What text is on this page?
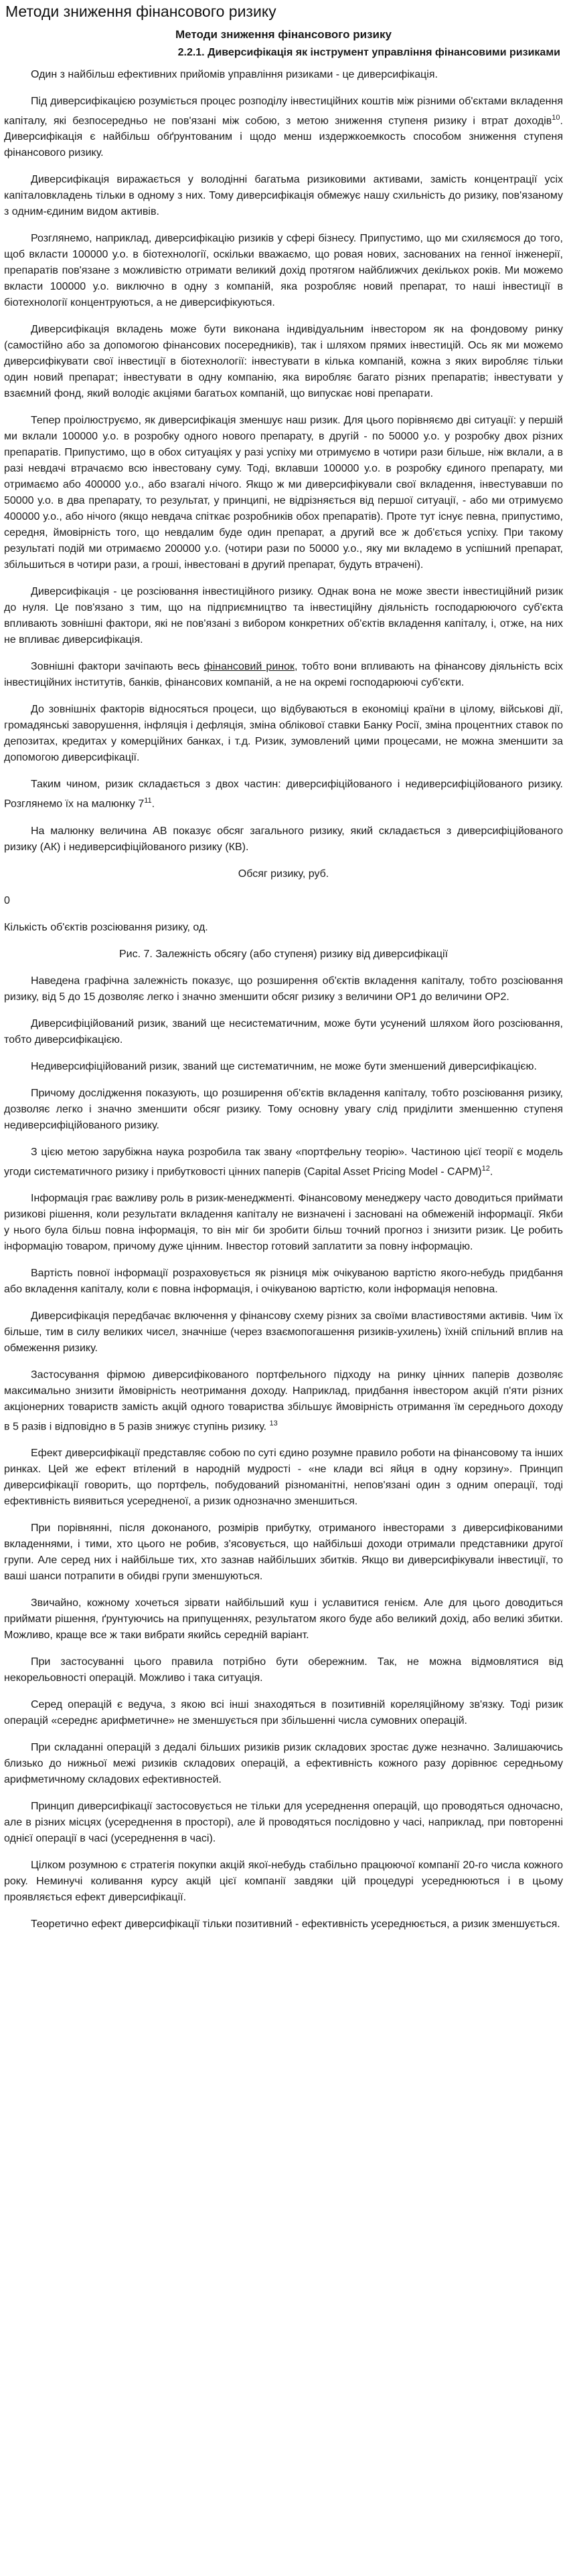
Методи зниження фінансового ризику
Методи зниження фінансового ризику
2.2.1. Диверсифікація як інструмент управління фінансовими ризиками

Один з найбільш ефективних прийомів управління ризиками - це диверсифікація.

Під диверсифікацією розуміється процес розподілу інвестиційних коштів між різними об'єктами вкладення капіталу, які безпосередньо не пов'язані між собою, з метою зниження ступеня ризику і втрат доходів$^{10}$. Диверсифікація є найбільш обґрунтованим і щодо менш издержкоемкость способом зниження ступеня фінансового ризику.

Диверсифікація виражається у володінні багатьма ризиковими активами, замість концентрації усіх капіталовкладень тільки в одному з них. Тому диверсифікація обмежує нашу схильність до ризику, пов'язаному з одним-єдиним видом активів.

Розглянемо, наприклад, диверсифікацію ризиків у сфері бізнесу. Припустимо, що ми схиляємося до того, щоб вкласти 100000 у.о. в біотехнології, оскільки вважаємо, що ровая нових, заснованих на генної інженерії, препаратів пов'язане з можливістю отримати великий дохід протягом найближчих декількох років. Ми можемо вкласти 100000 у.о. виключно в одну з компаній, яка розробляє новий препарат, то наші інвестиції в біотехнології концентруються, а не диверсифікуються.

Диверсифікація вкладень може бути виконана індивідуальним інвестором як на фондовому ринку (самостійно або за допомогою фінансових посередників), так і шляхом прямих інвестицій. Ось як ми можемо диверсифікувати свої інвестиції в біотехнології: інвестувати в кілька компаній, кожна з яких виробляє тільки один новий препарат; інвестувати в одну компанію, яка виробляє багато різних препаратів; інвестувати у взаємний фонд, який володіє акціями багатьох компаній, що випускає нові препарати.

Тепер проілюструємо, як диверсифікація зменшує наш ризик. Для цього порівняємо дві ситуації: у першій ми вклали 100000 у.о. в розробку одного нового препарату, в другій - по 50000 у.о. у розробку двох різних препаратів. Припустимо, що в обох ситуаціях у разі успіху ми отримуємо в чотири рази більше, ніж вклали, а в разі невдачі втрачаємо всю інвестовану суму. Тоді, вклавши 100000 у.о. в розробку єдиного препарату, ми отримаємо або 400000 у.о., або взагалі нічого. Якщо ж ми диверсифікували свої вкладення, інвестувавши по 50000 у.о. в два препарату, то результат, у принципі, не відрізняється від першої ситуації, - або ми отримуємо 400000 у.о., або нічого (якщо невдача спіткає розробників обох препаратів). Проте тут існує певна, припустимо, середня, ймовірність того, що невдалим буде один препарат, а другий все ж доб'ється успіху. При такому результаті подій ми отримаємо 200000 у.о. (чотири рази по 50000 у.о., яку ми вкладемо в успішний препарат, збільшиться в чотири рази, а гроші, інвестовані в другий препарат, будуть втрачені).

Диверсифікація - це розсіювання інвестиційного ризику. Однак вона не може звести інвестиційний ризик до нуля. Це пов'язано з тим, що на підприємництво та інвестиційну діяльність господарюючого суб'єкта впливають зовнішні фактори, які не пов'язані з вибором конкретних об'єктів вкладення капіталу, і, отже, на них не впливає диверсифікація.

Зовнішні фактори зачіпають весь фінансовий ринок, тобто вони впливають на фінансову діяльність всіх інвестиційних інститутів, банків, фінансових компаній, а не на окремі господарюючі суб'єкти.

До зовнішніх факторів відносяться процеси, що відбуваються в економіці країни в цілому, військові дії, громадянські заворушення, інфляція і дефляція, зміна облікової ставки Банку Росії, зміна процентних ставок по депозитах, кредитах у комерційних банках, і т.д. Ризик, зумовлений цими процесами, не можна зменшити за допомогою диверсифікації.

Таким чином, ризик складається з двох частин: диверсифіційованого і недиверсифіційованого ризику. Розглянемо їх на малюнку $7^{11}$.

На малюнку величина АВ показує обсяг загального ризику, який складається з диверсифіційованого ризику (АК) і недиверсифіційованого ризику (КВ).

Обсяг ризику, руб.
0
Кількість об'єктів розсіювання ризику, од.
Рис. 7. Залежність обсягу (або ступеня) ризику від диверсифікації

Наведена графічна залежність показує, що розширення об'єктів вкладення капіталу, тобто розсіювання ризику, від 5 до 15 дозволяє легко і значно зменшити обсяг ризику з величини ОР1 до величини ОР2.

Диверсифіційований ризик, званий ще несистематичним, може бути усунений шляхом його розсіювання, тобто диверсифікацією.

Недиверсифіційований ризик, званий ще систематичним, не може бути зменшений диверсифікацією.

Причому дослідження показують, що розширення об'єктів вкладення капіталу, тобто розсіювання ризику, дозволяє легко і значно зменшити обсяг ризику. Тому основну увагу слід приділити зменшенню ступеня недиверсифіційованого ризику.

З цією метою зарубіжна наука розробила так звану «портфельну теорію». Частиною цієї теорії є модель угоди систематичного ризику і прибутковості цінних паперів (Capital Asset Pricing Model - CAPM)$^{12}$.

Інформація грає важливу роль в ризик-менеджменті. Фінансовому менеджеру часто доводиться приймати ризикові рішення, коли результати вкладення капіталу не визначені і засновані на обмеженій інформації. Якби у нього була більш повна інформація, то він міг би зробити більш точний прогноз і знизити ризик. Це робить інформацію товаром, причому дуже цінним. Інвестор готовий заплатити за повну інформацію.

Вартість повної інформації розраховується як різниця між очікуваною вартістю якого-небудь придбання або вкладення капіталу, коли є повна інформація, і очікуваною вартістю, коли інформація неповна.

Диверсифікація передбачає включення у фінансову схему різних за своїми властивостями активів. Чим їх більше, тим в силу великих чисел, значніше (через взаємопогашення ризиків-ухилень) їхній спільний вплив на обмеження ризику.

Застосування фірмою диверсифікованого портфельного підходу на ринку цінних паперів дозволяє максимально знизити ймовірність неотримання доходу. Наприклад, придбання інвестором акцій п'яти різних акціонерних товариств замість акцій одного товариства збільшує ймовірність отримання їм середнього доходу в 5 разів і відповідно в 5 разів знижує ступінь ризику. $^{13}$

Ефект диверсифікації представляє собою по суті єдино розумне правило роботи на фінансовому та інших ринках. Цей же ефект втілений в народній мудрості - «не клади всі яйця в одну корзину». Принцип диверсифікації говорить, що портфель, побудований різноманітні, непов'язані один з одним операції, тоді ефективність виявиться усередненої, а ризик однозначно зменшиться.

При порівнянні, після доконаного, розмірів прибутку, отриманого інвесторами з диверсифікованими вкладеннями, і тими, хто цього не робив, з'ясовується, що найбільші доходи отримали представники другої групи. Але серед них і найбільше тих, хто зазнав найбільших збитків. Якщо ви диверсифікували інвестиції, то ваші шанси потрапити в обидві групи зменшуються.

Звичайно, кожному хочеться зірвати найбільший куш і уславитися генієм. Але для цього доводиться приймати рішення, ґрунтуючись на припущеннях, результатом якого буде або великий дохід, або великі збитки. Можливо, краще все ж таки вибрати якийсь середній варіант.

При застосуванні цього правила потрібно бути обережним. Так, не можна відмовлятися від некорельовності операцій. Можливо і така ситуація.

Серед операцій є ведуча, з якою всі інші знаходяться в позитивній кореляційному зв'язку. Тоді ризик операцій «середнє арифметичне» не зменшується при збільшенні числа сумовних операцій.

При складанні операцій з дедалі більших ризиків ризик складових зростає дуже незначно. Залишаючись близько до нижньої межі ризиків складових операцій, а ефективність кожного разу дорівнює середньому арифметичному складових ефективностей.

Принцип диверсифікації застосовується не тільки для усереднення операцій, що проводяться одночасно, але в різних місцях (усереднення в просторі), але й проводяться послідовно у часі, наприклад, при повторенні однієї операції в часі (усереднення в часі).

Цілком розумною є стратегія покупки акцій якої-небудь стабільно працюючої компанії 20-го числа кожного року. Неминучі коливання курсу акцій цієї компанії завдяки цій процедурі усереднюються і в цьому проявляється ефект диверсифікації.

Теоретично ефект диверсифікації тільки позитивний - ефективність усереднюється, а ризик зменшується.
